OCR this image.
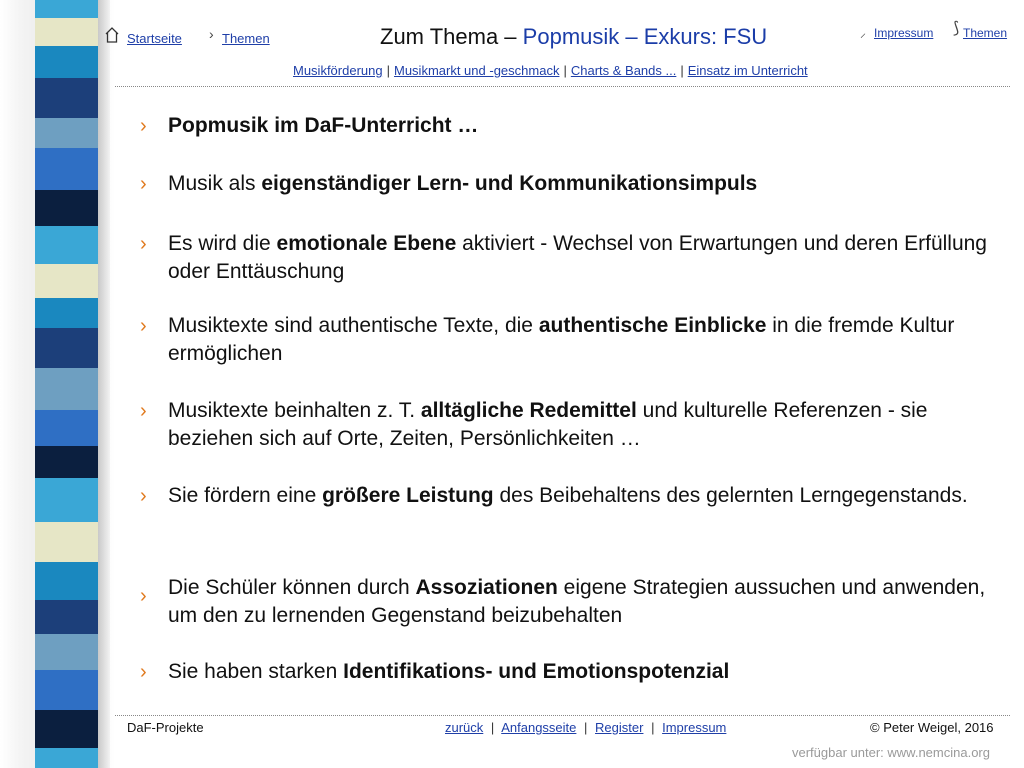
Startseite › Themen	Zum Thema – Popmusik – Exkurs: FSU	⸝ Impressum ⟆ Themen
Musikförderung | Musikmarkt und -geschmack | Charts & Bands ... | Einsatz im Unterricht
›	Popmusik im DaF-Unterricht …
›	Musik als eigenständiger Lern- und Kommunikationsimpuls
›	Es wird die emotionale Ebene aktiviert - Wechsel von Erwartungen und deren Erfüllung oder Enttäuschung
›	Musiktexte sind authentische Texte, die authentische Einblicke in die fremde Kultur ermöglichen
›	Musiktexte beinhalten z. T. alltägliche Redemittel und kulturelle Referenzen - sie beziehen sich auf Orte, Zeiten, Persönlichkeiten …
›	Sie fördern eine größere Leistung des Beibehaltens des gelernten Lerngegenstands.
›	Die Schüler können durch Assoziationen eigene Strategien aussuchen und anwenden, um den zu lernenden Gegenstand beizubehalten
›	Sie haben starken Identifikations- und Emotionspotenzial
DaF-Projekte	zurück | Anfangsseite | Register | Impressum	© Peter Weigel, 2016
verfügbar unter: www.nemcina.org
